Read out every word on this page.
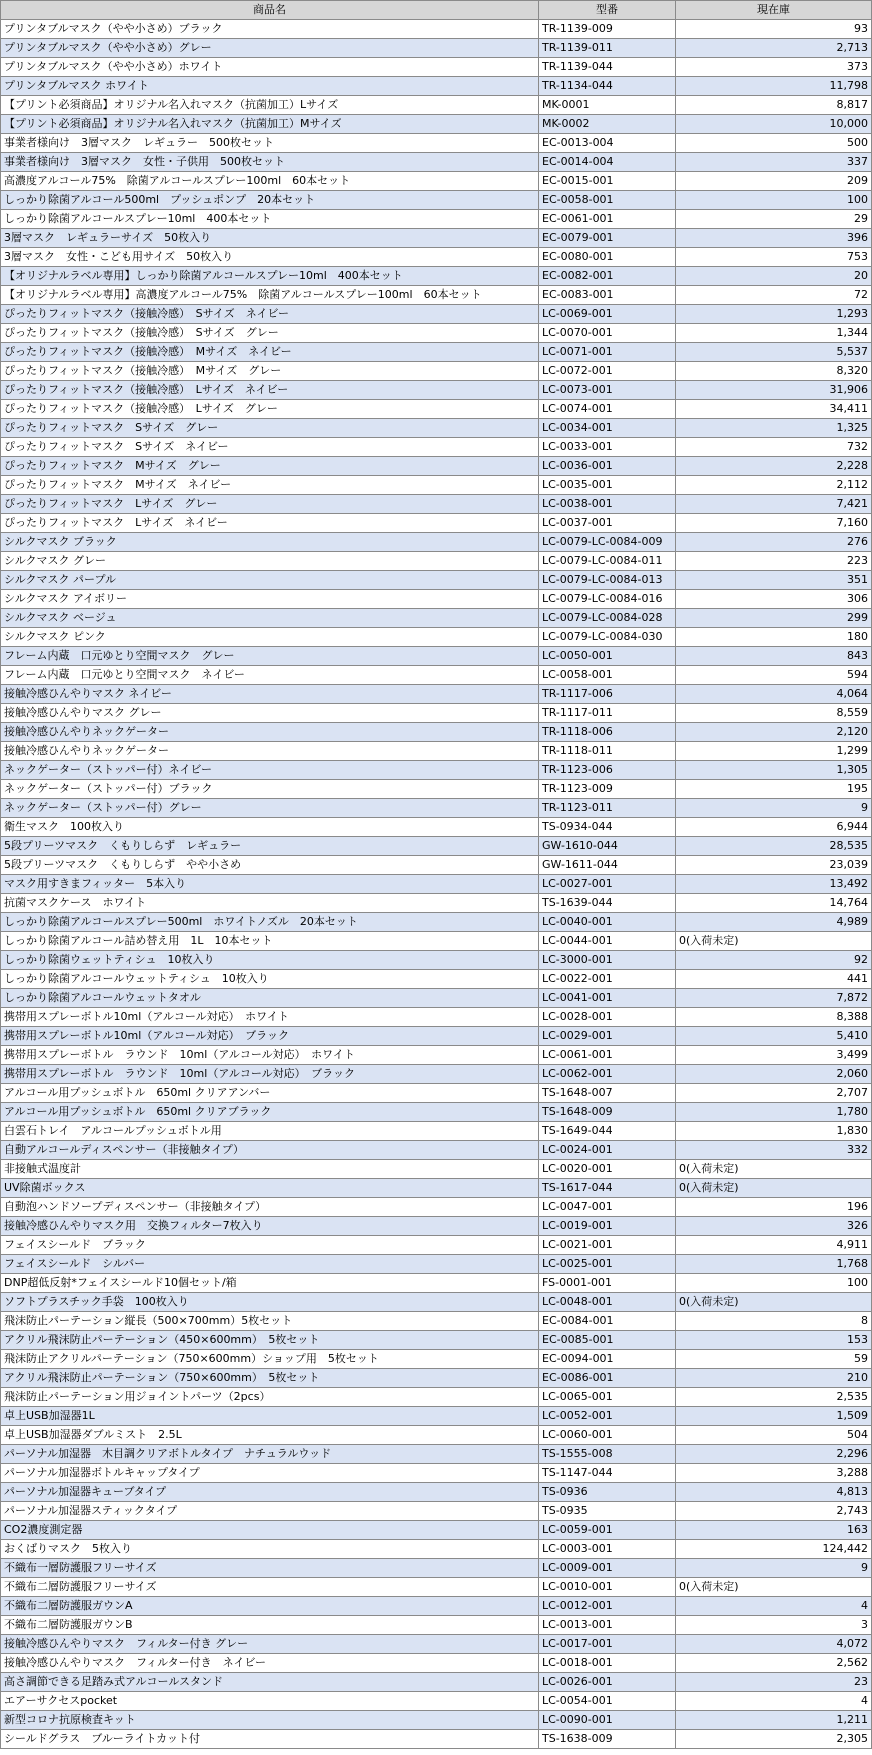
商品名	型番	現在庫
プリンタブルマスク（やや小さめ）ブラック	TR-1139-009	93
プリンタブルマスク（やや小さめ）グレー	TR-1139-011	2,713
プリンタブルマスク（やや小さめ）ホワイト	TR-1139-044	373
プリンタブルマスク ホワイト	TR-1134-044	11,798
【プリント必須商品】オリジナル名入れマスク（抗菌加工）Lサイズ	MK-0001	8,817
【プリント必須商品】オリジナル名入れマスク（抗菌加工）Mサイズ	MK-0002	10,000
事業者様向け　3層マスク　レギュラー　500枚セット	EC-0013-004	500
事業者様向け　3層マスク　女性・子供用　500枚セット	EC-0014-004	337
高濃度アルコール75%　除菌アルコールスプレー100ml　60本セット	EC-0015-001	209
しっかり除菌アルコール500ml　プッシュポンプ　20本セット	EC-0058-001	100
しっかり除菌アルコールスプレー10ml　400本セット	EC-0061-001	29
3層マスク　レギュラーサイズ　50枚入り	EC-0079-001	396
3層マスク　女性・こども用サイズ　50枚入り	EC-0080-001	753
【オリジナルラベル専用】しっかり除菌アルコールスプレー10ml　400本セット	EC-0082-001	20
【オリジナルラベル専用】高濃度アルコール75%　除菌アルコールスプレー100ml　60本セット	EC-0083-001	72
ぴったりフィットマスク（接触冷感）　Sサイズ　ネイビー	LC-0069-001	1,293
ぴったりフィットマスク（接触冷感）　Sサイズ　グレー	LC-0070-001	1,344
ぴったりフィットマスク（接触冷感）　Mサイズ　ネイビー	LC-0071-001	5,537
ぴったりフィットマスク（接触冷感）　Mサイズ　グレー	LC-0072-001	8,320
ぴったりフィットマスク（接触冷感）　Lサイズ　ネイビー	LC-0073-001	31,906
ぴったりフィットマスク（接触冷感）　Lサイズ　グレー	LC-0074-001	34,411
ぴったりフィットマスク　Sサイズ　グレー	LC-0034-001	1,325
ぴったりフィットマスク　Sサイズ　ネイビー	LC-0033-001	732
ぴったりフィットマスク　Mサイズ　グレー	LC-0036-001	2,228
ぴったりフィットマスク　Mサイズ　ネイビー	LC-0035-001	2,112
ぴったりフィットマスク　Lサイズ　グレー	LC-0038-001	7,421
ぴったりフィットマスク　Lサイズ　ネイビー	LC-0037-001	7,160
シルクマスク ブラック	LC-0079-LC-0084-009	276
シルクマスク グレー	LC-0079-LC-0084-011	223
シルクマスク パープル	LC-0079-LC-0084-013	351
シルクマスク アイボリー	LC-0079-LC-0084-016	306
シルクマスク ベージュ	LC-0079-LC-0084-028	299
シルクマスク ピンク	LC-0079-LC-0084-030	180
フレーム内蔵　口元ゆとり空間マスク　グレー	LC-0050-001	843
フレーム内蔵　口元ゆとり空間マスク　ネイビー	LC-0058-001	594
接触冷感ひんやりマスク ネイビー	TR-1117-006	4,064
接触冷感ひんやりマスク グレー	TR-1117-011	8,559
接触冷感ひんやりネックゲーター	TR-1118-006	2,120
接触冷感ひんやりネックゲーター	TR-1118-011	1,299
ネックゲーター（ストッパー付）ネイビー	TR-1123-006	1,305
ネックゲーター（ストッパー付）ブラック	TR-1123-009	195
ネックゲーター（ストッパー付）グレー	TR-1123-011	9
衛生マスク　100枚入り	TS-0934-044	6,944
5段プリーツマスク　くもりしらず　レギュラー	GW-1610-044	28,535
5段プリーツマスク　くもりしらず　やや小さめ	GW-1611-044	23,039
マスク用すきまフィッター　5本入り	LC-0027-001	13,492
抗菌マスクケース　ホワイト	TS-1639-044	14,764
しっかり除菌アルコールスプレー500ml　ホワイトノズル　20本セット	LC-0040-001	4,989
しっかり除菌アルコール詰め替え用　1L　10本セット	LC-0044-001	0(入荷未定)
しっかり除菌ウェットティシュ　10枚入り	LC-3000-001	92
しっかり除菌アルコールウェットティシュ　10枚入り	LC-0022-001	441
しっかり除菌アルコールウェットタオル	LC-0041-001	7,872
携帯用スプレーボトル10ml（アルコール対応）　ホワイト	LC-0028-001	8,388
携帯用スプレーボトル10ml（アルコール対応）　ブラック	LC-0029-001	5,410
携帯用スプレーボトル　ラウンド　10ml（アルコール対応）　ホワイト	LC-0061-001	3,499
携帯用スプレーボトル　ラウンド　10ml（アルコール対応）　ブラック	LC-0062-001	2,060
アルコール用プッシュボトル　650ml クリアアンバー	TS-1648-007	2,707
アルコール用プッシュボトル　650ml クリアブラック	TS-1648-009	1,780
白雲石トレイ　アルコールプッシュボトル用	TS-1649-044	1,830
自動アルコールディスペンサー（非接触タイプ）	LC-0024-001	332
非接触式温度計	LC-0020-001	0(入荷未定)
UV除菌ボックス	TS-1617-044	0(入荷未定)
自動泡ハンドソープディスペンサー（非接触タイプ）	LC-0047-001	196
接触冷感ひんやりマスク用　交換フィルター7枚入り	LC-0019-001	326
フェイスシールド　ブラック	LC-0021-001	4,911
フェイスシールド　シルバー	LC-0025-001	1,768
DNP超低反射*フェイスシールド10個セット/箱	FS-0001-001	100
ソフトプラスチック手袋　100枚入り	LC-0048-001	0(入荷未定)
飛沫防止パーテーション縦長（500×700mm）5枚セット	EC-0084-001	8
アクリル飛沫防止パーテーション（450×600mm）　5枚セット	EC-0085-001	153
飛沫防止アクリルパーテーション（750×600mm）ショップ用　5枚セット	EC-0094-001	59
アクリル飛沫防止パーテーション（750×600mm）　5枚セット	EC-0086-001	210
飛沫防止パーテーション用ジョイントパーツ（2pcs）	LC-0065-001	2,535
卓上USB加湿器1L	LC-0052-001	1,509
卓上USB加湿器ダブルミスト　2.5L	LC-0060-001	504
パーソナル加湿器　木目調クリアボトルタイプ　ナチュラルウッド	TS-1555-008	2,296
パーソナル加湿器ボトルキャップタイプ	TS-1147-044	3,288
パーソナル加湿器キューブタイプ	TS-0936	4,813
パーソナル加湿器スティックタイプ	TS-0935	2,743
CO2濃度測定器	LC-0059-001	163
おくばりマスク　5枚入り	LC-0003-001	124,442
不織布一層防護服フリーサイズ	LC-0009-001	9
不織布二層防護服フリーサイズ	LC-0010-001	0(入荷未定)
不織布二層防護服ガウンA	LC-0012-001	4
不織布二層防護服ガウンB	LC-0013-001	3
接触冷感ひんやりマスク　フィルター付き グレー	LC-0017-001	4,072
接触冷感ひんやりマスク　フィルター付き　ネイビー	LC-0018-001	2,562
高さ調節できる足踏み式アルコールスタンド	LC-0026-001	23
エアーサクセスpocket	LC-0054-001	4
新型コロナ抗原検査キット	LC-0090-001	1,211
シールドグラス　ブルーライトカット付	TS-1638-009	2,305
